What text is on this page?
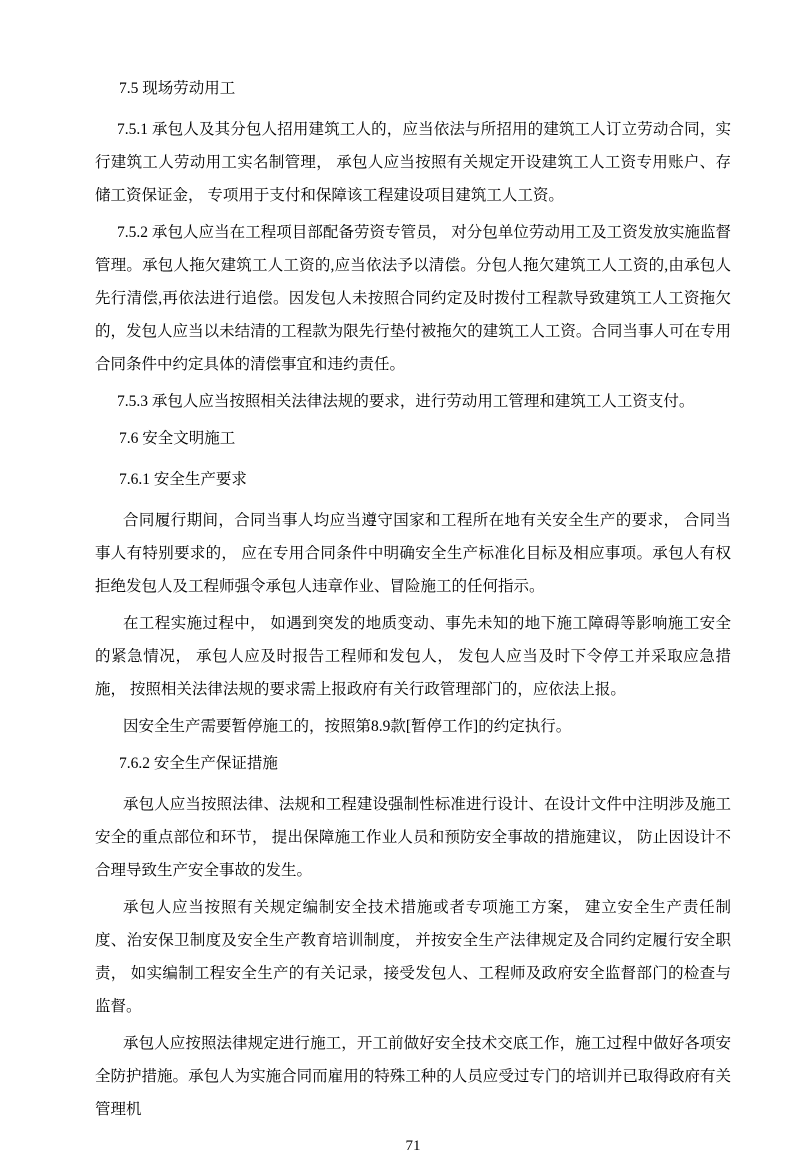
7.5 现场劳动用工

7.5.1 承包人及其分包人招用建筑工人的，应当依法与所招用的建筑工人订立劳动合同，实行建筑工人劳动用工实名制管理， 承包人应当按照有关规定开设建筑工人工资专用账户、存储工资保证金， 专项用于支付和保障该工程建设项目建筑工人工资。

7.5.2 承包人应当在工程项目部配备劳资专管员， 对分包单位劳动用工及工资发放实施监督管理。承包人拖欠建筑工人工资的,应当依法予以清偿。分包人拖欠建筑工人工资的,由承包人先行清偿,再依法进行追偿。因发包人未按照合同约定及时拨付工程款导致建筑工人工资拖欠的，发包人应当以未结清的工程款为限先行垫付被拖欠的建筑工人工资。合同当事人可在专用合同条件中约定具体的清偿事宜和违约责任。

7.5.3 承包人应当按照相关法律法规的要求，进行劳动用工管理和建筑工人工资支付。

7.6 安全文明施工

7.6.1 安全生产要求

合同履行期间，合同当事人均应当遵守国家和工程所在地有关安全生产的要求， 合同当事人有特别要求的， 应在专用合同条件中明确安全生产标准化目标及相应事项。承包人有权拒绝发包人及工程师强令承包人违章作业、冒险施工的任何指示。

在工程实施过程中， 如遇到突发的地质变动、事先未知的地下施工障碍等影响施工安全的紧急情况， 承包人应及时报告工程师和发包人， 发包人应当及时下令停工并采取应急措施， 按照相关法律法规的要求需上报政府有关行政管理部门的，应依法上报。

因安全生产需要暂停施工的，按照第8.9款[暂停工作]的约定执行。

7.6.2 安全生产保证措施

承包人应当按照法律、法规和工程建设强制性标准进行设计、在设计文件中注明涉及施工安全的重点部位和环节， 提出保障施工作业人员和预防安全事故的措施建议， 防止因设计不合理导致生产安全事故的发生。

承包人应当按照有关规定编制安全技术措施或者专项施工方案， 建立安全生产责任制度、治安保卫制度及安全生产教育培训制度， 并按安全生产法律规定及合同约定履行安全职责， 如实编制工程安全生产的有关记录，接受发包人、工程师及政府安全监督部门的检查与监督。

承包人应按照法律规定进行施工，开工前做好安全技术交底工作，施工过程中做好各项安全防护措施。承包人为实施合同而雇用的特殊工种的人员应受过专门的培训并已取得政府有关管理机

71
